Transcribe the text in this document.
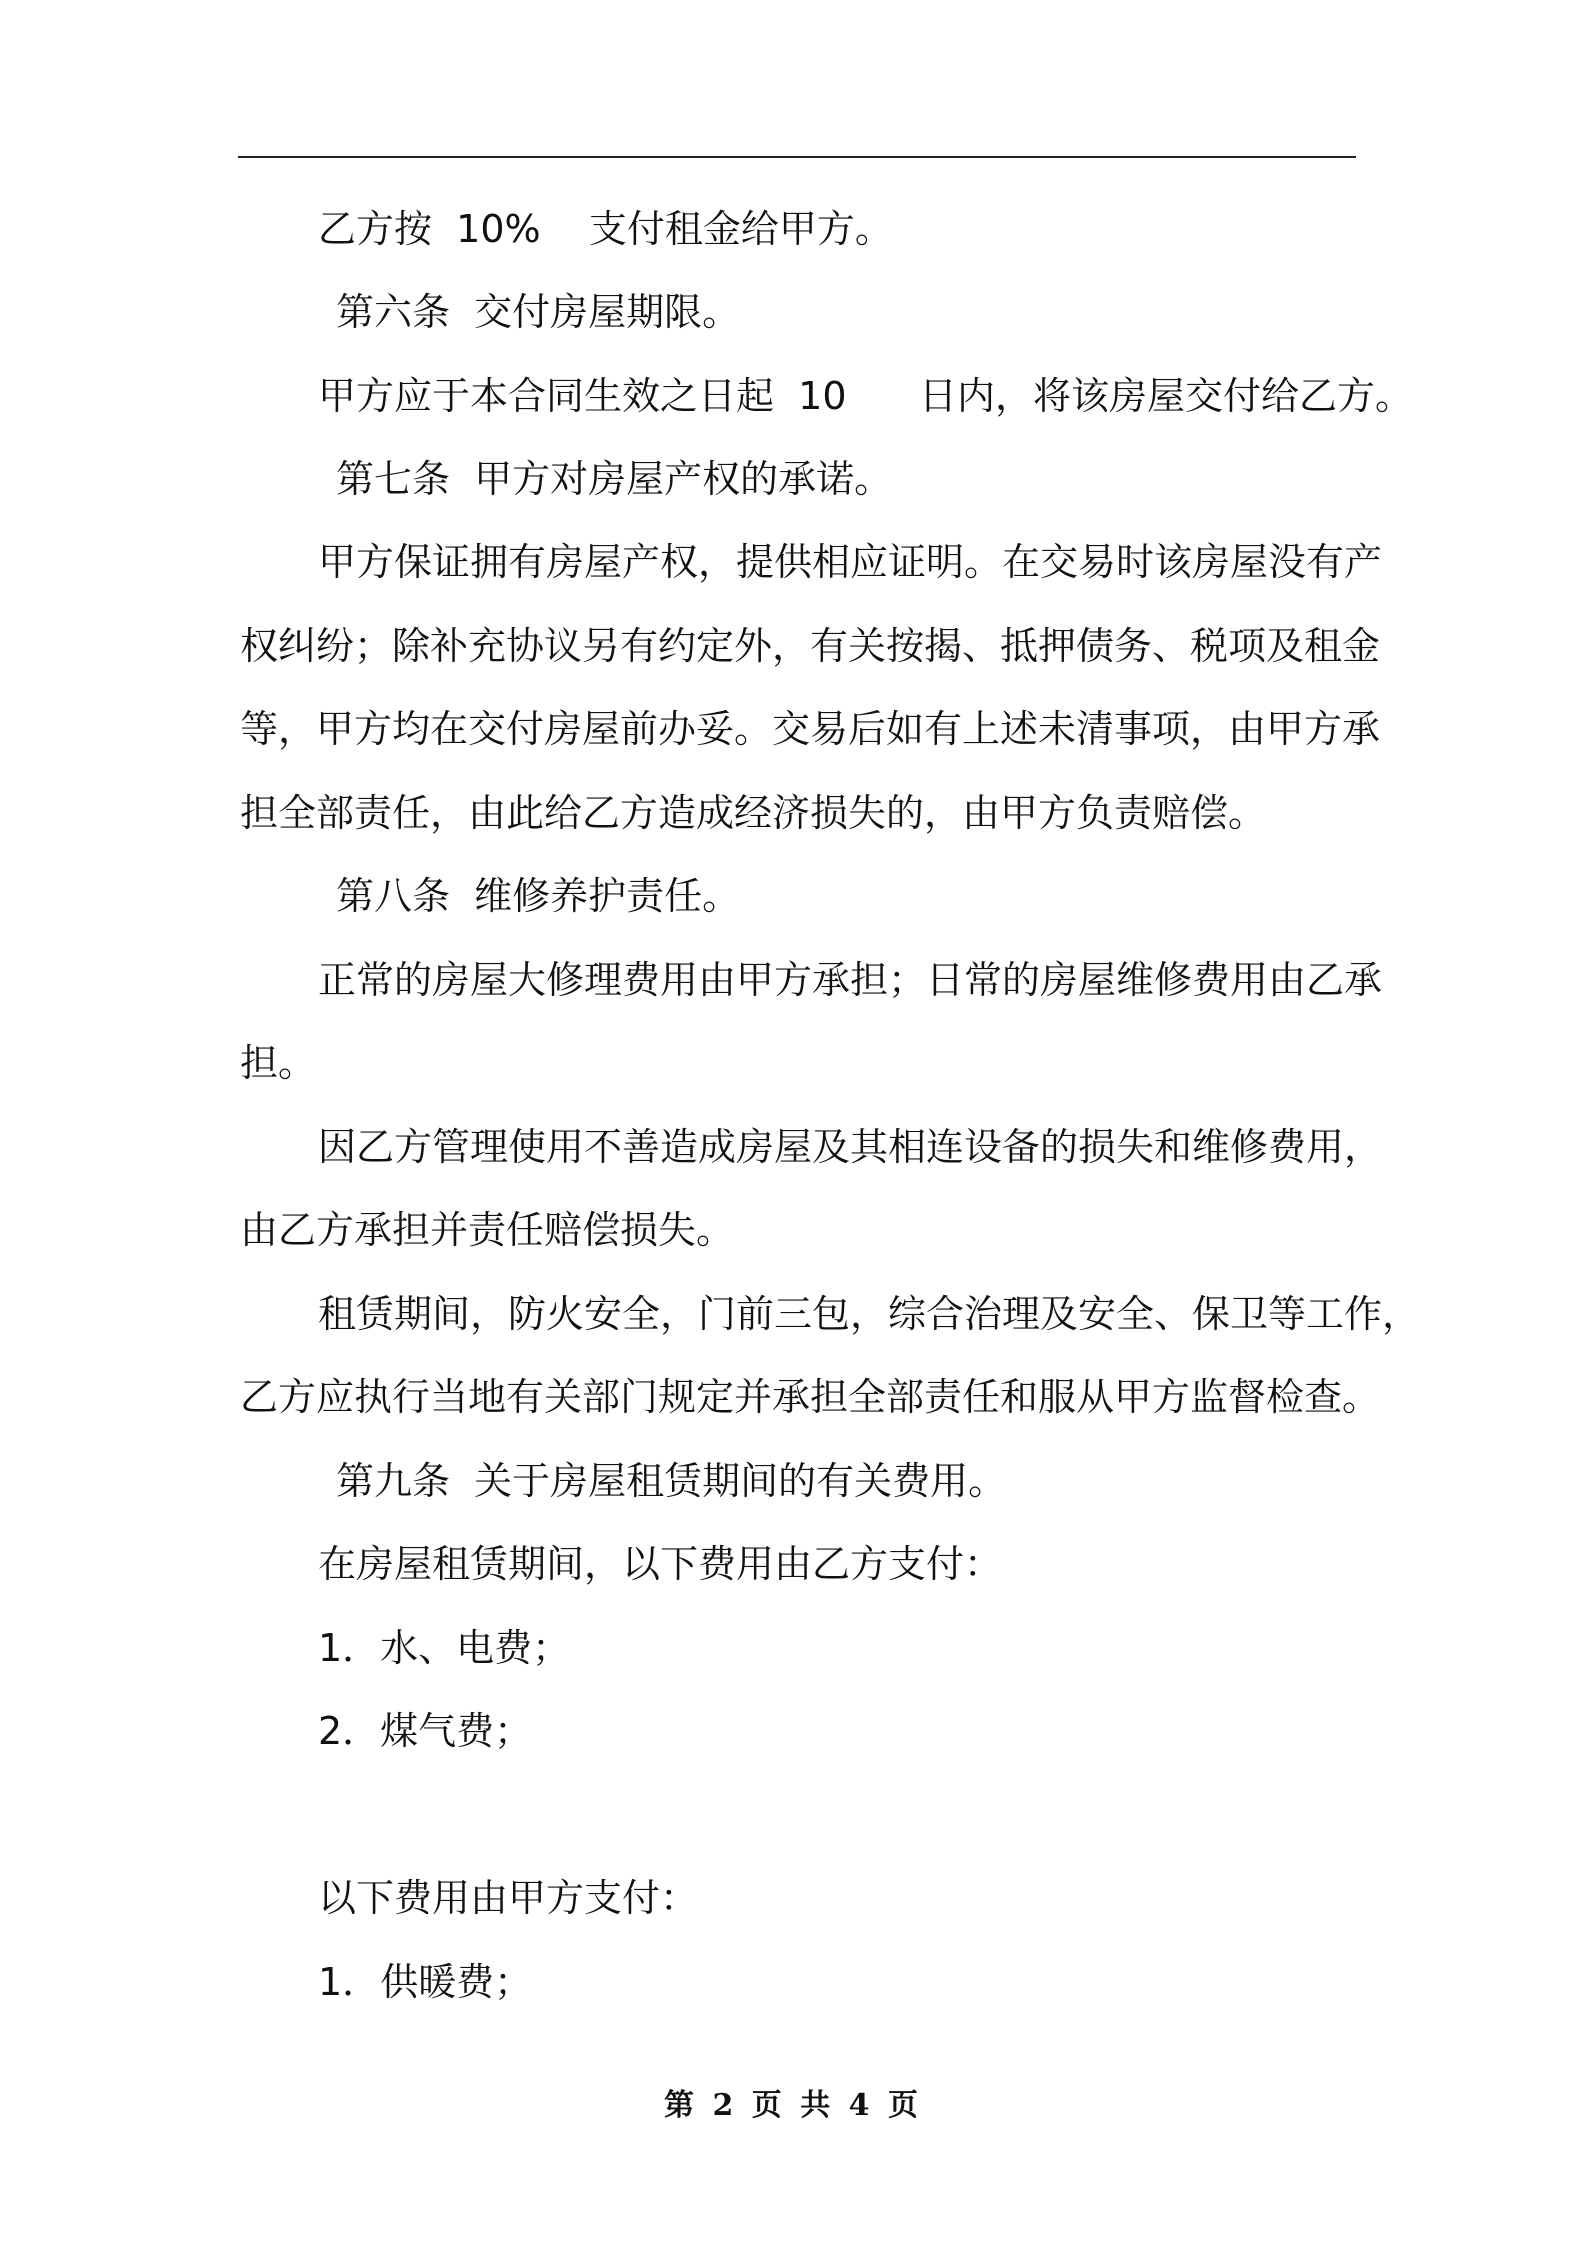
乙方按  10%    支付租金给甲方。
第六条  交付房屋期限。
甲方应于本合同生效之日起  10      日内，将该房屋交付给乙方。
第七条  甲方对房屋产权的承诺。
甲方保证拥有房屋产权，提供相应证明。在交易时该房屋没有产
权纠纷；除补充协议另有约定外，有关按揭、抵押债务、税项及租金
等，甲方均在交付房屋前办妥。交易后如有上述未清事项，由甲方承
担全部责任，由此给乙方造成经济损失的，由甲方负责赔偿。
第八条  维修养护责任。
正常的房屋大修理费用由甲方承担；日常的房屋维修费用由乙承
担。
因乙方管理使用不善造成房屋及其相连设备的损失和维修费用，
由乙方承担并责任赔偿损失。
租赁期间，防火安全，门前三包，综合治理及安全、保卫等工作，
乙方应执行当地有关部门规定并承担全部责任和服从甲方监督检查。
第九条  关于房屋租赁期间的有关费用。
在房屋租赁期间，以下费用由乙方支付：
1．水、电费；
2．煤气费；
以下费用由甲方支付：
1．供暖费；
第 2 页 共 4 页
